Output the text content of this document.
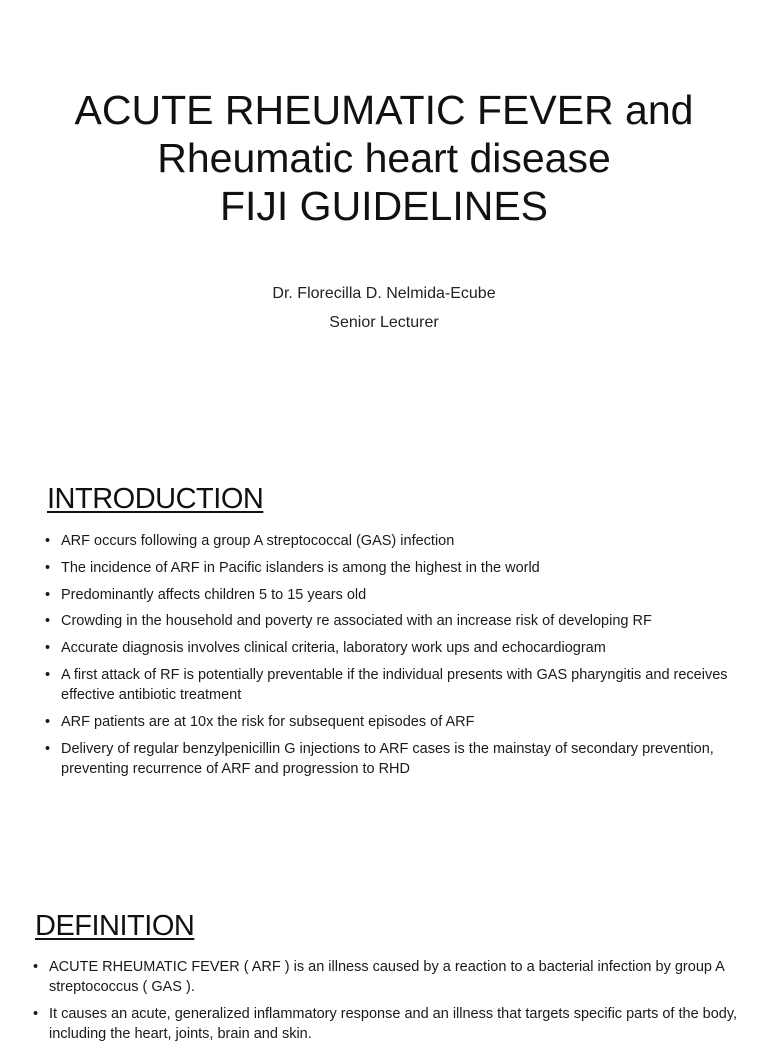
ACUTE RHEUMATIC FEVER and
Rheumatic heart disease
FIJI GUIDELINES
Dr. Florecilla D. Nelmida-Ecube
Senior Lecturer
INTRODUCTION
• ARF occurs following a group A streptococcal (GAS) infection
• The incidence of ARF in Pacific islanders is among the highest in the world
• Predominantly affects children 5 to 15 years old
• Crowding in the household and poverty re associated with an increase risk of developing RF
• Accurate diagnosis involves clinical criteria, laboratory work ups and echocardiogram
• A first attack of RF is potentially preventable if the individual presents with GAS pharyngitis and receives effective antibiotic treatment
• ARF patients are at 10x the risk for subsequent episodes of ARF
• Delivery of regular benzylpenicillin G injections to ARF cases is the mainstay of secondary prevention, preventing recurrence of ARF and progression to RHD
DEFINITION
• ACUTE RHEUMATIC FEVER ( ARF ) is an illness caused by a reaction to a bacterial infection by group A streptococcus ( GAS ).
• It causes an acute, generalized inflammatory response and an illness that targets specific parts of the body, including the heart, joints, brain and skin.
